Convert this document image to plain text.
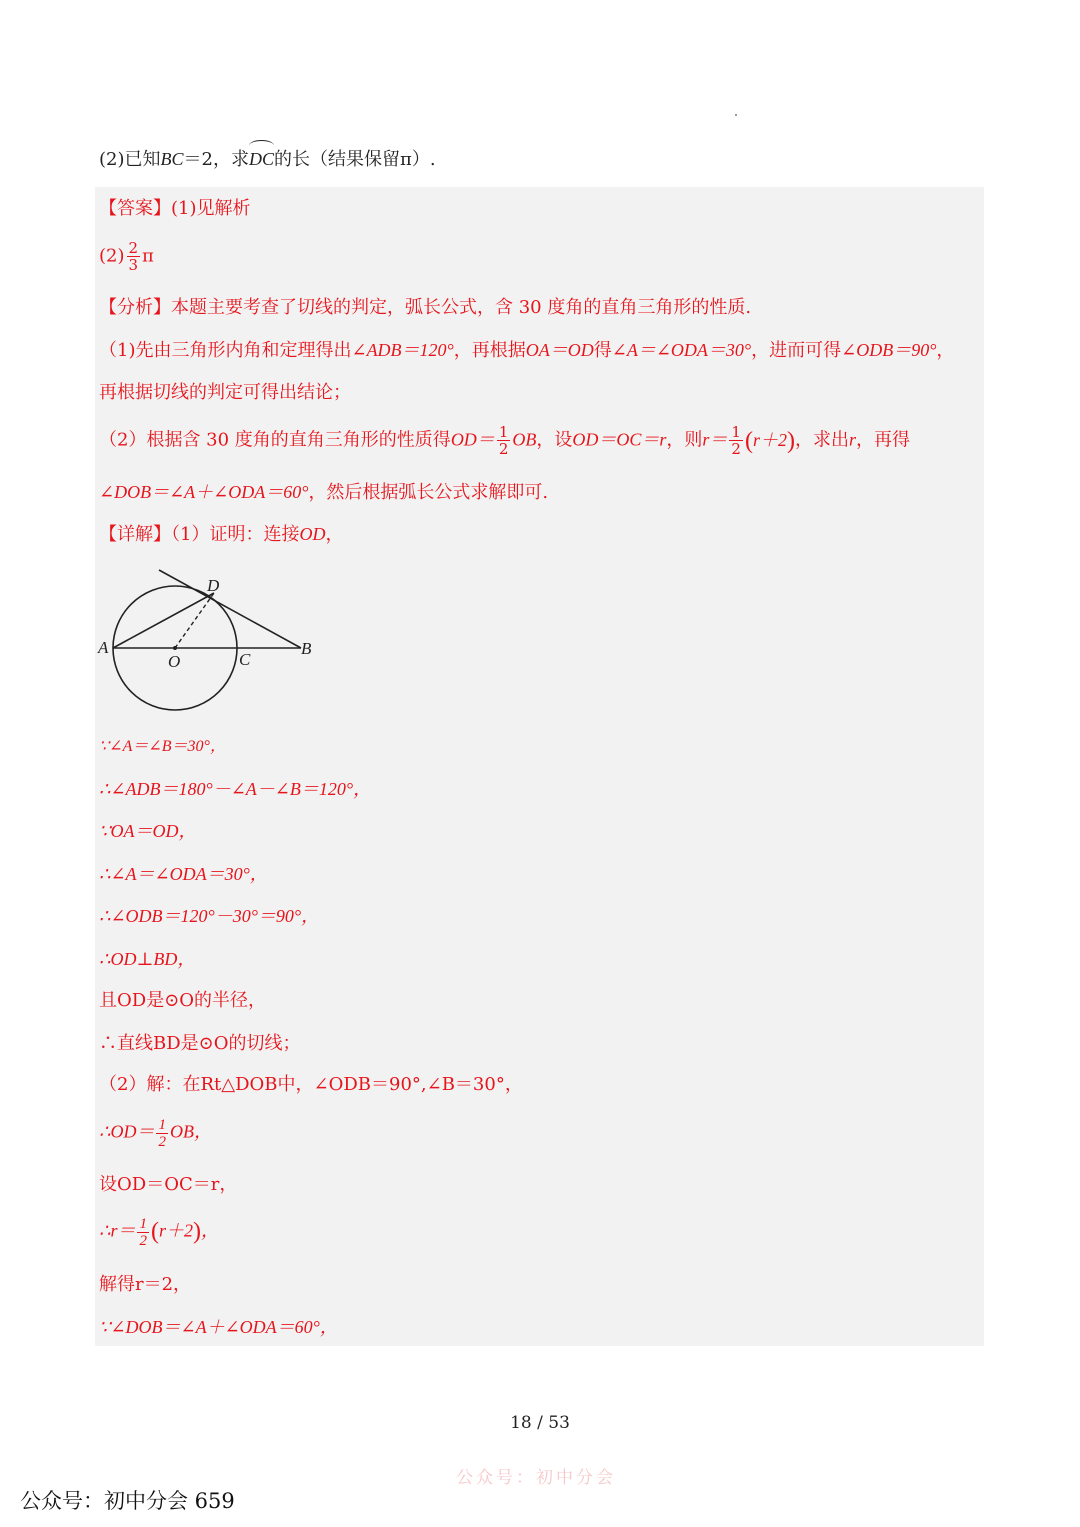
(2)已知BC＝2，求DC的长（结果保留π）.
【答案】(1)见解析
$(2) \frac{2}{3}$ π
【分析】本题主要考查了切线的判定，弧长公式，含 30 度角的直角三角形的性质.
（1)先由三角形内角和定理得出∠ADB＝120°，再根据OA＝OD得∠A＝∠ODA＝30°，进而可得∠ODB＝90°，
再根据切线的判定可得出结论；
（2）根据含 30 度角的直角三角形的性质得$OD= \frac{1}{2}$ OB，设OD＝OC＝r，则$r= \frac{1}{2} (r+2)$，求出r，再得
∠DOB＝∠A＋∠ODA＝60°，然后根据弧长公式求解即可.
【详解】（1）证明：连接OD，
D
A	B
C
O
∵∠A＝∠B＝30°，
∴∠ADB＝180°－∠A－∠B＝120°，
∵OA＝OD，
∴∠A＝∠ODA＝30°，
∴∠ODB＝120°－30°＝90°，
∴OD⊥BD，
且OD是⊙O的半径，
∴直线BD是⊙O的切线；
（2）解：在Rt△DOB中，∠ODB＝90°,∠B＝30°，
∴OD＝ $\frac{1}{2}$ OB，
设OD＝OC＝r，
∴r＝ $\frac{1}{2} (r+2)$，
解得r＝2，
∵∠DOB＝∠A＋∠ODA＝60°，
18 / 53
公众号：初中分会
公众号：初中分会 659
